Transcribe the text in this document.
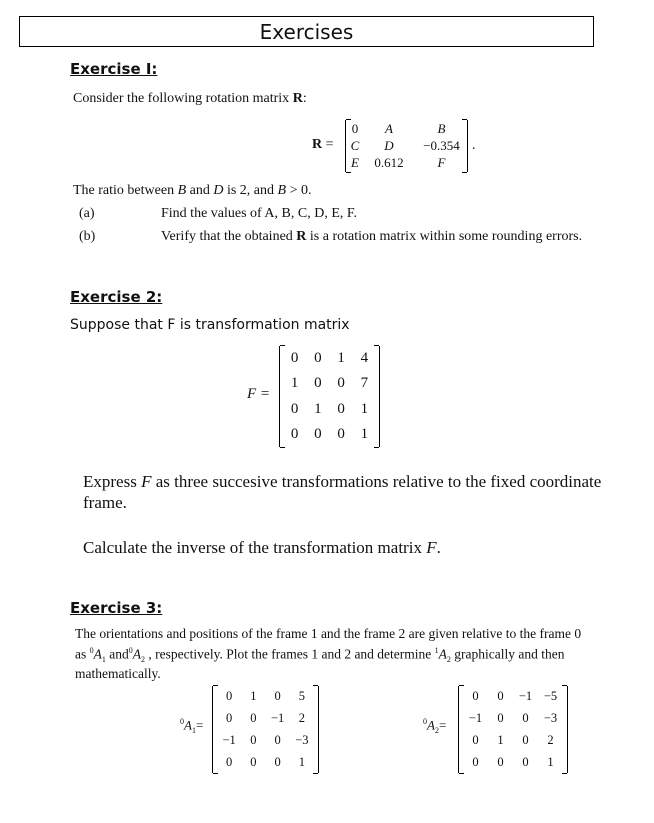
Exercises
Exercise I:
Consider the following rotation matrix R:
R =
0 A	B
C D −0.354
E 0.612	F
.
The ratio between B and D is 2, and B > 0.
(a)	Find the values of A, B, C, D, E, F.
(b)	Verify that the obtained R is a rotation matrix within some rounding errors.
Exercise 2:
Suppose that F is transformation matrix
F =
0 0 1 4
1 0 0 7
0 1 0 1
0 0 0 1
Express F as three succesive transformations relative to the fixed coordinate
frame.
Calculate the inverse of the transformation matrix F.
Exercise 3:
The orientations and positions of the frame 1 and the frame 2 are given relative to the frame 0
as $^0A_1$ $and^0A_2$ , respectively. Plot the frames 1 and 2 and determine $^1A_2$ graphically and then
mathematically.
$^0A_1=$
0 1 0 5
0 0 −1 2
−1 0 0 −3
0 0 0 1
$^0A_2=$
0 0 −1 −5
−1 0 0 −3
0 1 0 2
0 0 0 1
